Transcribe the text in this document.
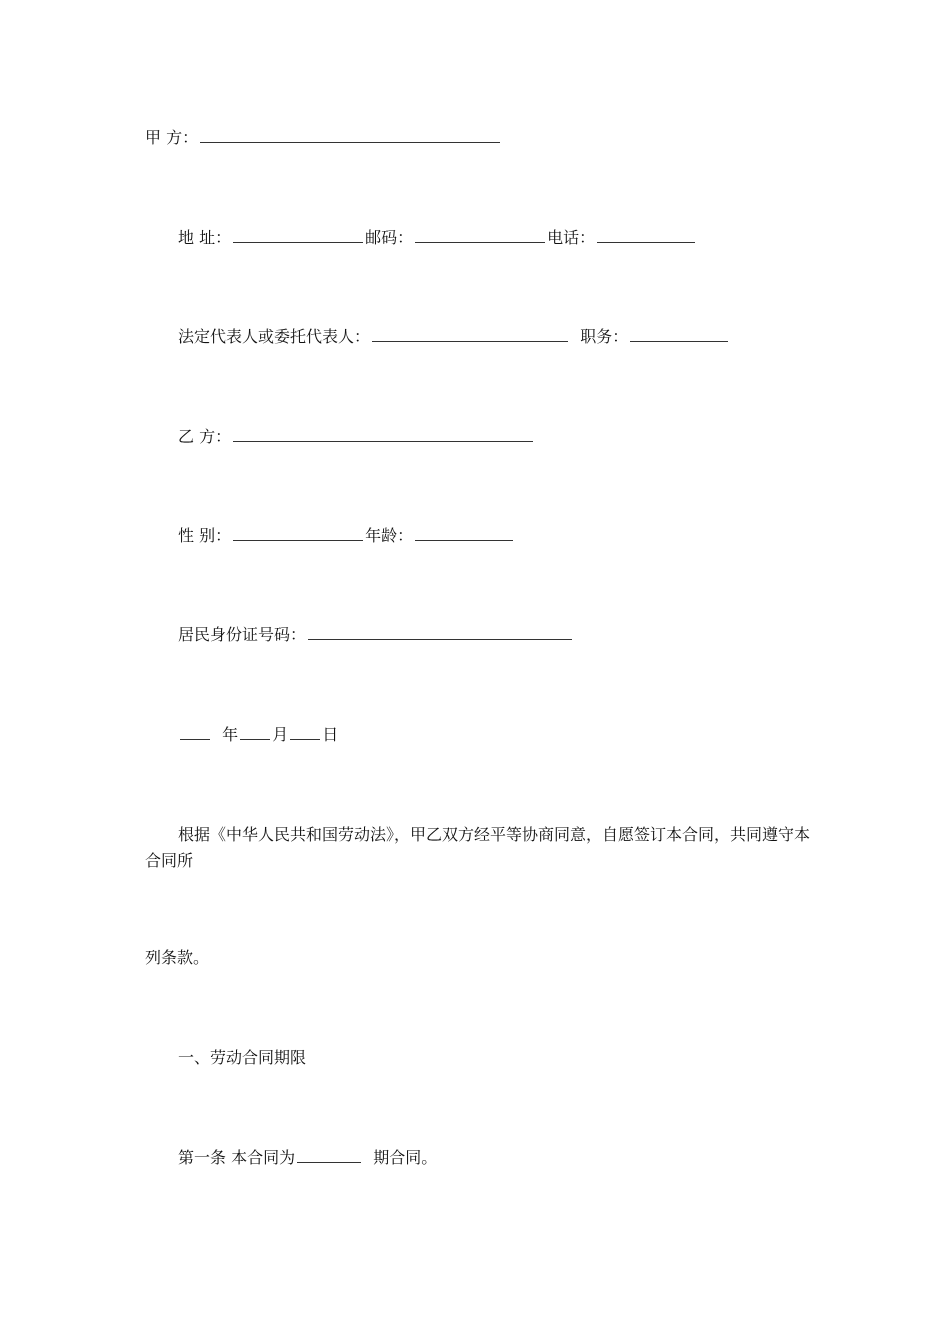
甲 方：
地 址：	邮码：	电话：
法定代表人或委托代表人：	职务：
乙 方：
性 别：	年龄：
居民身份证号码：
年 月 日
根据《中华人民共和国劳动法》，甲乙双方经平等协商同意，自愿签订本合同，共同遵守本合同所
列条款。
一、劳动合同期限
第一条 本合同为	期合同。
